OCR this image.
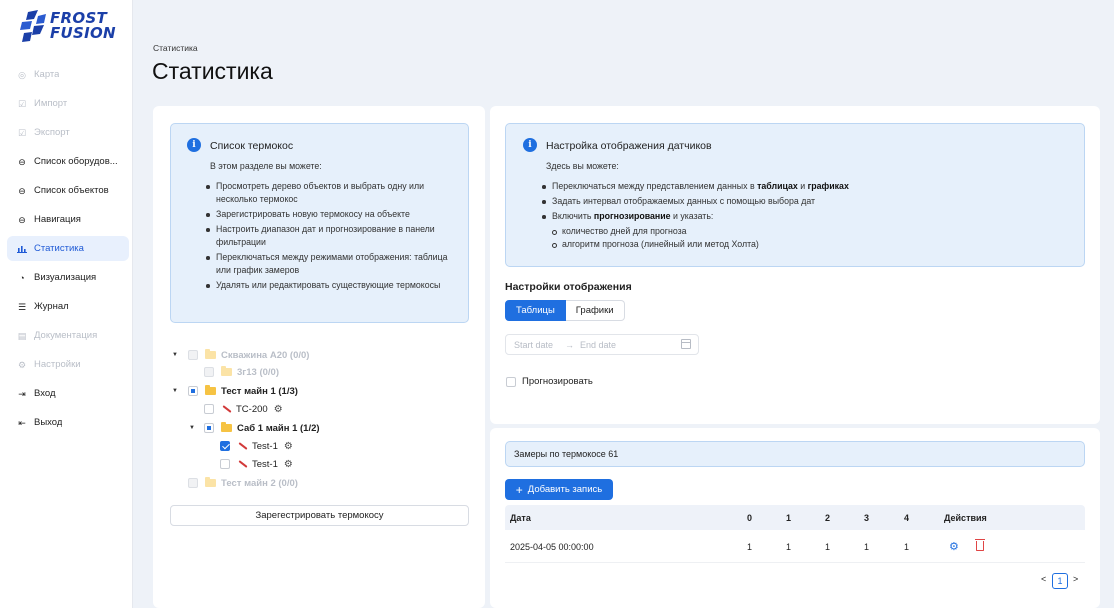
FROST
FUSION
◎ Карта
☑ Импорт
☑ Экспорт
⊖ Список оборудов...
⊖ Список объектов
⊖ Навигация
Статистика
◔ Визуализация
☰ Журнал
▤ Документация
⚙ Настройки
⇥ Вход
⇤ Выход
Статистика
Статистика
i	Список термокос
В этом разделе вы можете:
Просмотреть дерево объектов и выбрать одну или несколько термокос
Зарегистрировать новую термокосу на объекте
Настроить диапазон дат и прогнозирование в панели фильтрации
Переключаться между режимами отображения: таблица или график замеров
Удалять или редактировать существующие термокосы
▼	Скважина А20 (0/0)
3г13 (0/0)
▼	Тест майн 1 (1/3)
TC-200 ⚙
▼	Саб 1 майн 1 (1/2)
Test-1 ⚙
Test-1 ⚙
Тест майн 2 (0/0)
Зарегестрировать термокосу
i	Настройка отображения датчиков
Здесь вы можете:
Переключаться между представлением данных в таблицах и графиках
Задать интервал отображаемых данных с помощью выбора дат
Включить прогнозирование и указать:
количество дней для прогноза
алгоритм прогноза (линейный или метод Холта)
Настройки отображения
Таблицы	Графики
Start date → End date
Прогнозировать
Замеры по термокосе 61
+ Добавить запись
Дата	0	1	2	3	4	Действия
2025-04-05 00:00:00	1	1	1	1	1	⚙
<	1	>
